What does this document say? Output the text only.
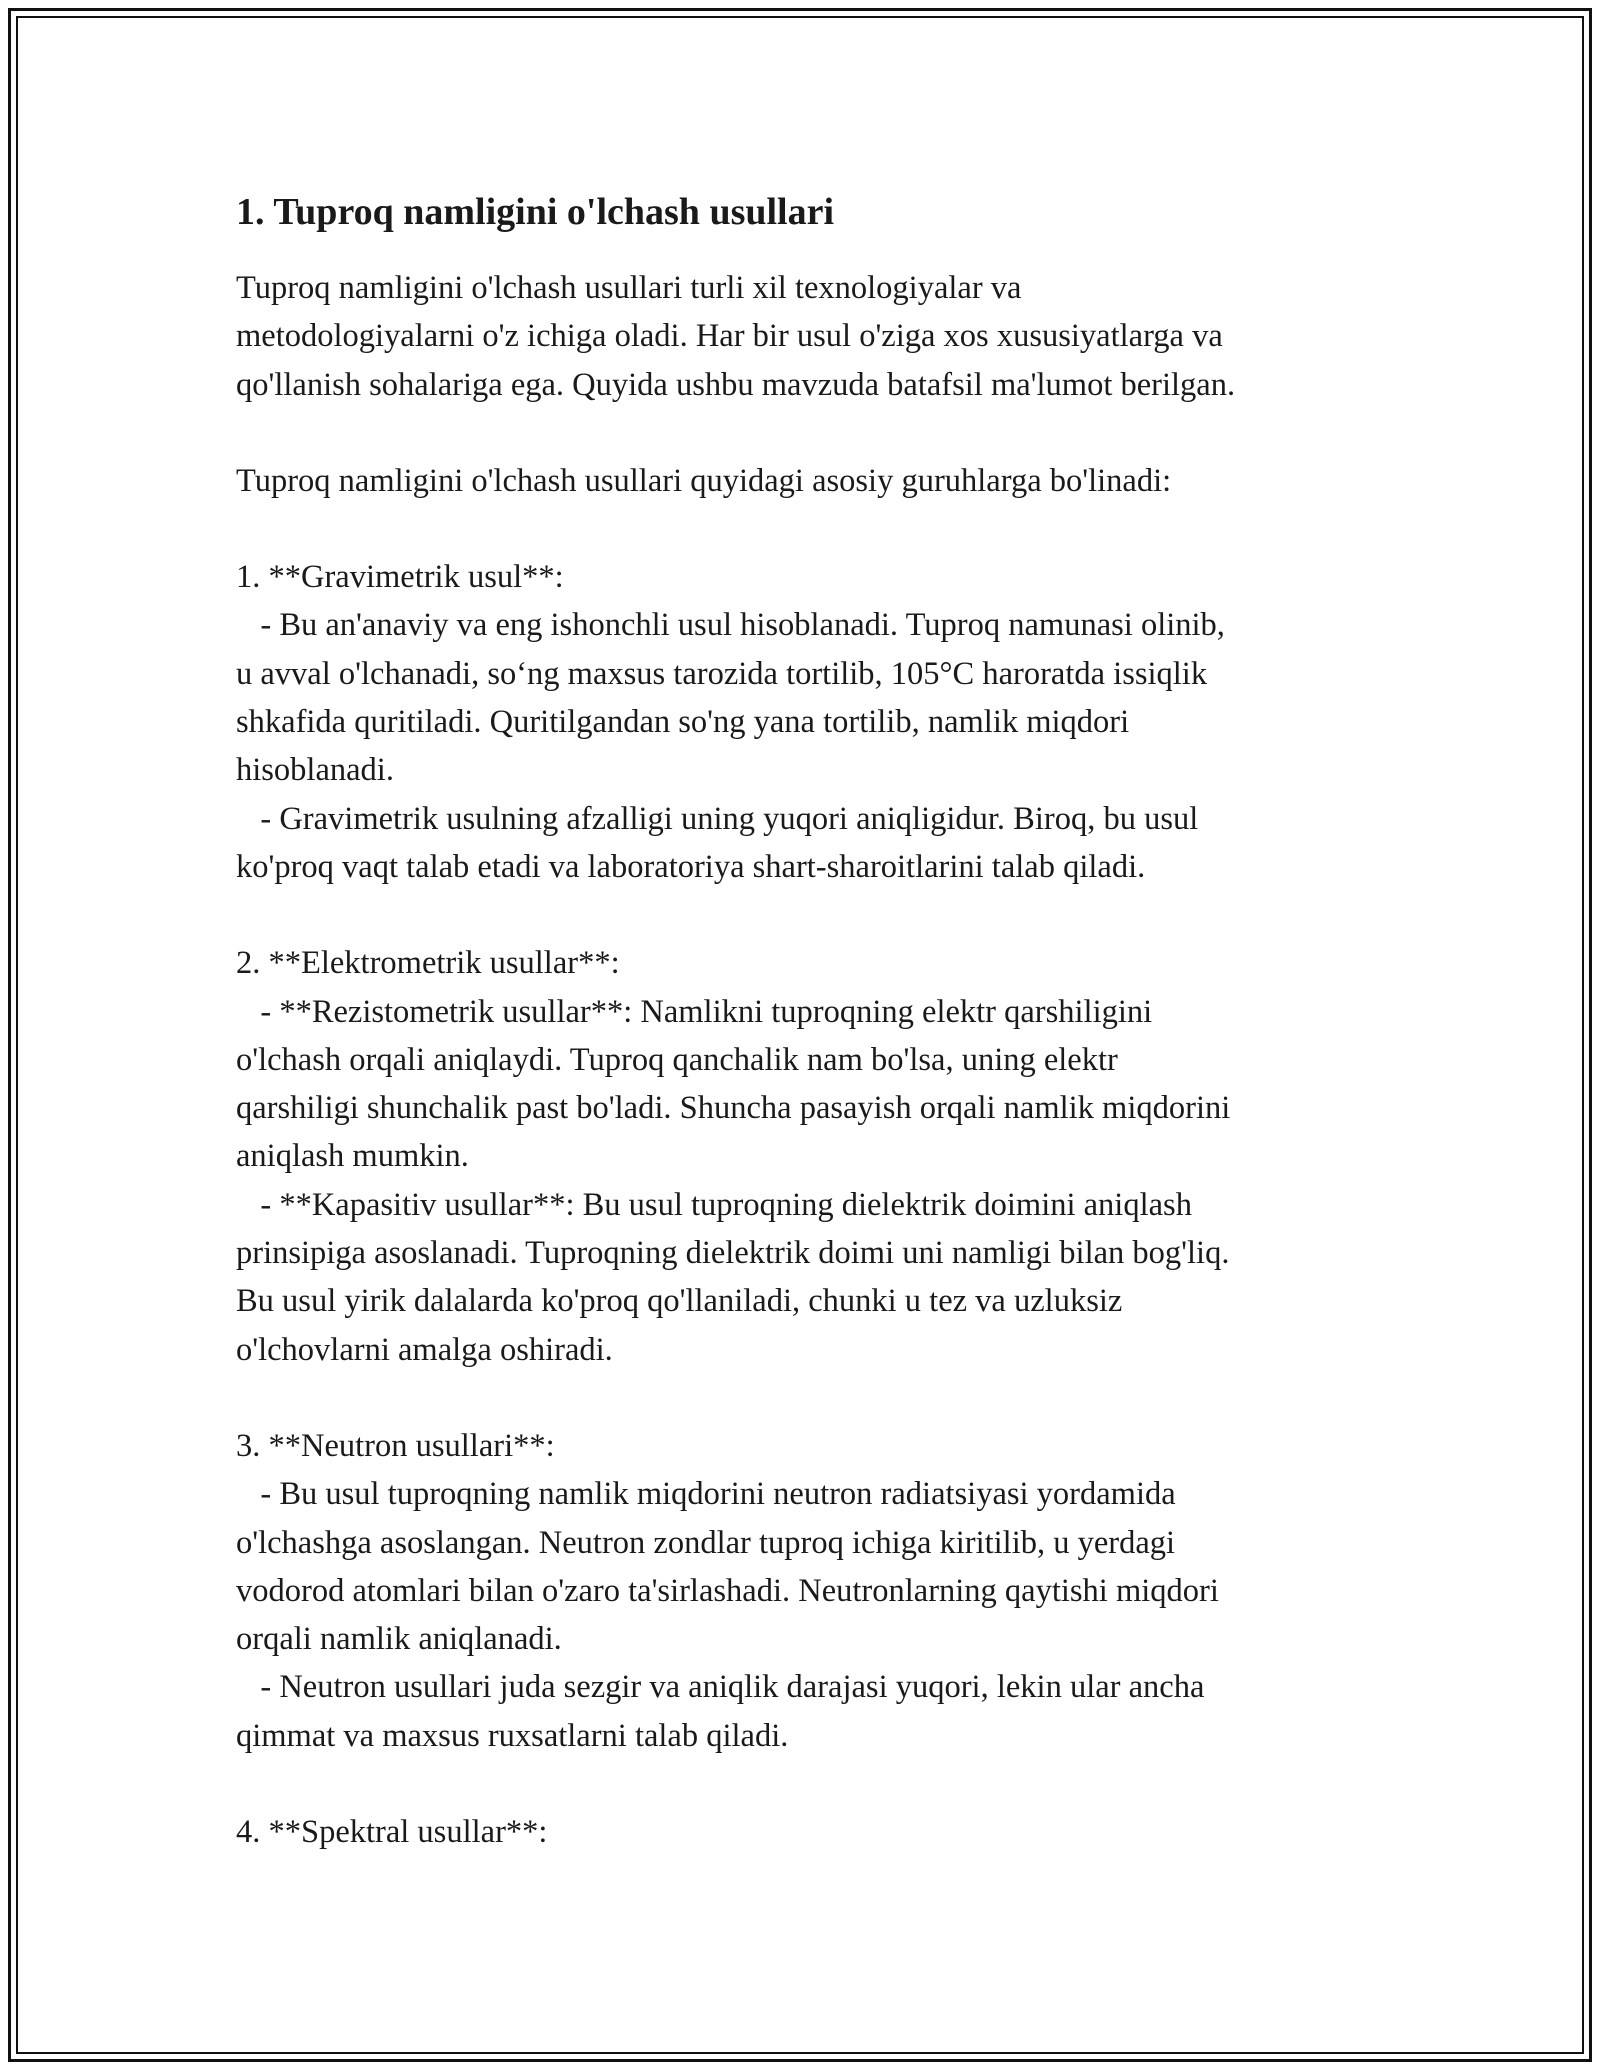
1. Tuproq namligini o'lchash usullari

Tuproq namligini o'lchash usullari turli xil texnologiyalar va
metodologiyalarni o'z ichiga oladi. Har bir usul o'ziga xos xususiyatlarga va
qo'llanish sohalariga ega. Quyida ushbu mavzuda batafsil ma'lumot berilgan.

Tuproq namligini o'lchash usullari quyidagi asosiy guruhlarga bo'linadi:

1. **Gravimetrik usul**:
- Bu an'anaviy va eng ishonchli usul hisoblanadi. Tuproq namunasi olinib,
u avval o'lchanadi, so‘ng maxsus tarozida tortilib, 105°C haroratda issiqlik
shkafida quritiladi. Quritilgandan so'ng yana tortilib, namlik miqdori
hisoblanadi.
- Gravimetrik usulning afzalligi uning yuqori aniqligidur. Biroq, bu usul
ko'proq vaqt talab etadi va laboratoriya shart-sharoitlarini talab qiladi.

2. **Elektrometrik usullar**:
- **Rezistometrik usullar**: Namlikni tuproqning elektr qarshiligini
o'lchash orqali aniqlaydi. Tuproq qanchalik nam bo'lsa, uning elektr
qarshiligi shunchalik past bo'ladi. Shuncha pasayish orqali namlik miqdorini
aniqlash mumkin.
- **Kapasitiv usullar**: Bu usul tuproqning dielektrik doimini aniqlash
prinsipiga asoslanadi. Tuproqning dielektrik doimi uni namligi bilan bog'liq.
Bu usul yirik dalalarda ko'proq qo'llaniladi, chunki u tez va uzluksiz
o'lchovlarni amalga oshiradi.

3. **Neutron usullari**:
- Bu usul tuproqning namlik miqdorini neutron radiatsiyasi yordamida
o'lchashga asoslangan. Neutron zondlar tuproq ichiga kiritilib, u yerdagi
vodorod atomlari bilan o'zaro ta'sirlashadi. Neutronlarning qaytishi miqdori
orqali namlik aniqlanadi.
- Neutron usullari juda sezgir va aniqlik darajasi yuqori, lekin ular ancha
qimmat va maxsus ruxsatlarni talab qiladi.

4. **Spektral usullar**:
